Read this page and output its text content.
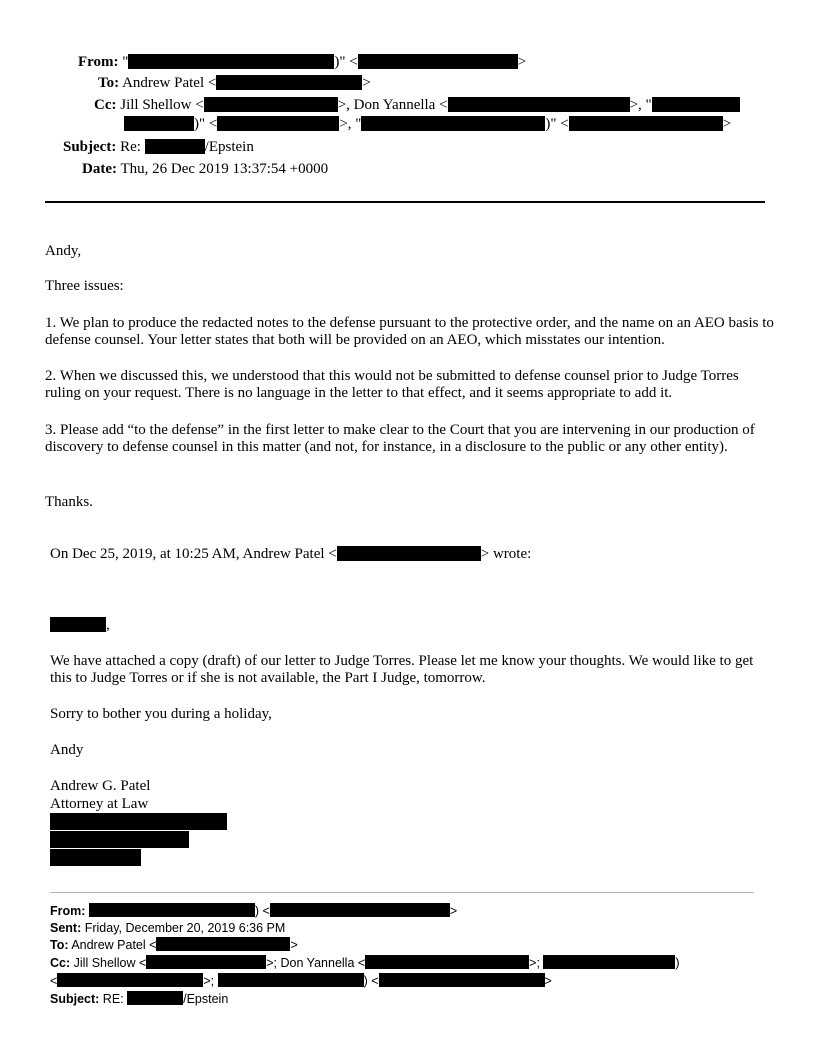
From: "	)" <	>
To: Andrew Patel <	>
Cc: Jill Shellow <	>, Don Yannella <	>, "
)" <	>, "	)" <	>
Subject: Re:	/Epstein
Date: Thu, 26 Dec 2019 13:37:54 +0000
Andy,
Three issues:
1. We plan to produce the redacted notes to the defense pursuant to the protective order, and the name on an AEO basis to defense counsel. Your letter states that both will be provided on an AEO, which misstates our intention.
2. When we discussed this, we understood that this would not be submitted to defense counsel prior to Judge Torres ruling on your request. There is no language in the letter to that effect, and it seems appropriate to add it.
3. Please add “to the defense” in the first letter to make clear to the Court that you are intervening in our production of discovery to defense counsel in this matter (and not, for instance, in a disclosure to the public or any other entity).
Thanks.
On Dec 25, 2019, at 10:25 AM, Andrew Patel <	> wrote:
,
We have attached a copy (draft) of our letter to Judge Torres. Please let me know your thoughts. We would like to get this to Judge Torres or if she is not available, the Part I Judge, tomorrow.
Sorry to bother you during a holiday,
Andy
Andrew G. Patel
Attorney at Law
From:	) <	>
Sent: Friday, December 20, 2019 6:36 PM
To: Andrew Patel <	>
Cc: Jill Shellow <	>; Don Yannella <	>;	)
<	>;	) <	>
Subject: RE:	/Epstein
